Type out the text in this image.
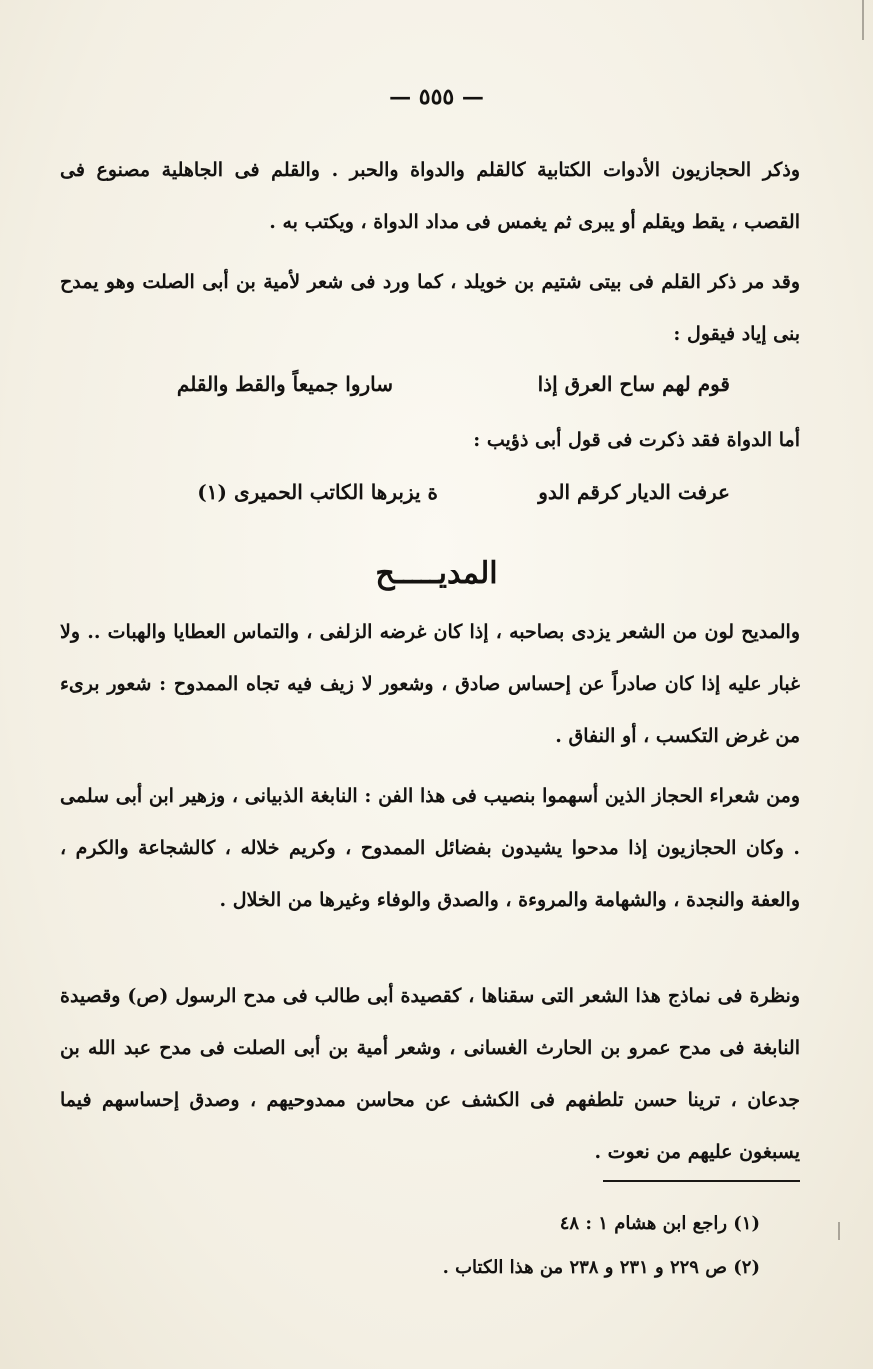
— ٥٥٥ —

وذكر الحجازيون الأدوات الكتابية كالقلم والدواة والحبر . والقلم فى الجاهلية مصنوع فى القصب ، يقط ويقلم أو يبرى ثم يغمس فى مداد الدواة ، ويكتب به .

وقد مر ذكر القلم فى بيتى شتيم بن خويلد ، كما ورد فى شعر لأمية بن أبى الصلت وهو يمدح بنى إياد فيقول :

قوم لهم ساح العرق إذا
ساروا جميعاً والقط والقلم

أما الدواة فقد ذكرت فى قول أبى ذؤيب :

عرفت الديار كرقم الدو
ة يزبرها الكاتب الحميرى (١)
المديـــــح

والمديح لون من الشعر يزدى بصاحبه ، إذا كان غرضه الزلفى ، والتماس العطايا والهبات .. ولا غبار عليه إذا كان صادراً عن إحساس صادق ، وشعور لا زيف فيه تجاه الممدوح : شعور برىء من غرض التكسب ، أو النفاق .

ومن شعراء الحجاز الذين أسهموا بنصيب فى هذا الفن : النابغة الذبيانى ، وزهير ابن أبى سلمى . وكان الحجازيون إذا مدحوا يشيدون بفضائل الممدوح ، وكريم خلاله ، كالشجاعة والكرم ، والعفة والنجدة ، والشهامة والمروءة ، والصدق والوفاء وغيرها من الخلال .

ونظرة فى نماذج هذا الشعر التى سقناها ، كقصيدة أبى طالب فى مدح الرسول (ص) وقصيدة النابغة فى مدح عمرو بن الحارث الغسانى ، وشعر أمية بن أبى الصلت فى مدح عبد الله بن جدعان ، ترينا حسن تلطفهم فى الكشف عن محاسن ممدوحيهم ، وصدق إحساسهم فيما يسبغون عليهم من نعوت .

(١) راجع ابن هشام ١ : ٤٨

(٢) ص ٢٢٩ و ٢٣١ و ٢٣٨ من هذا الكتاب .
